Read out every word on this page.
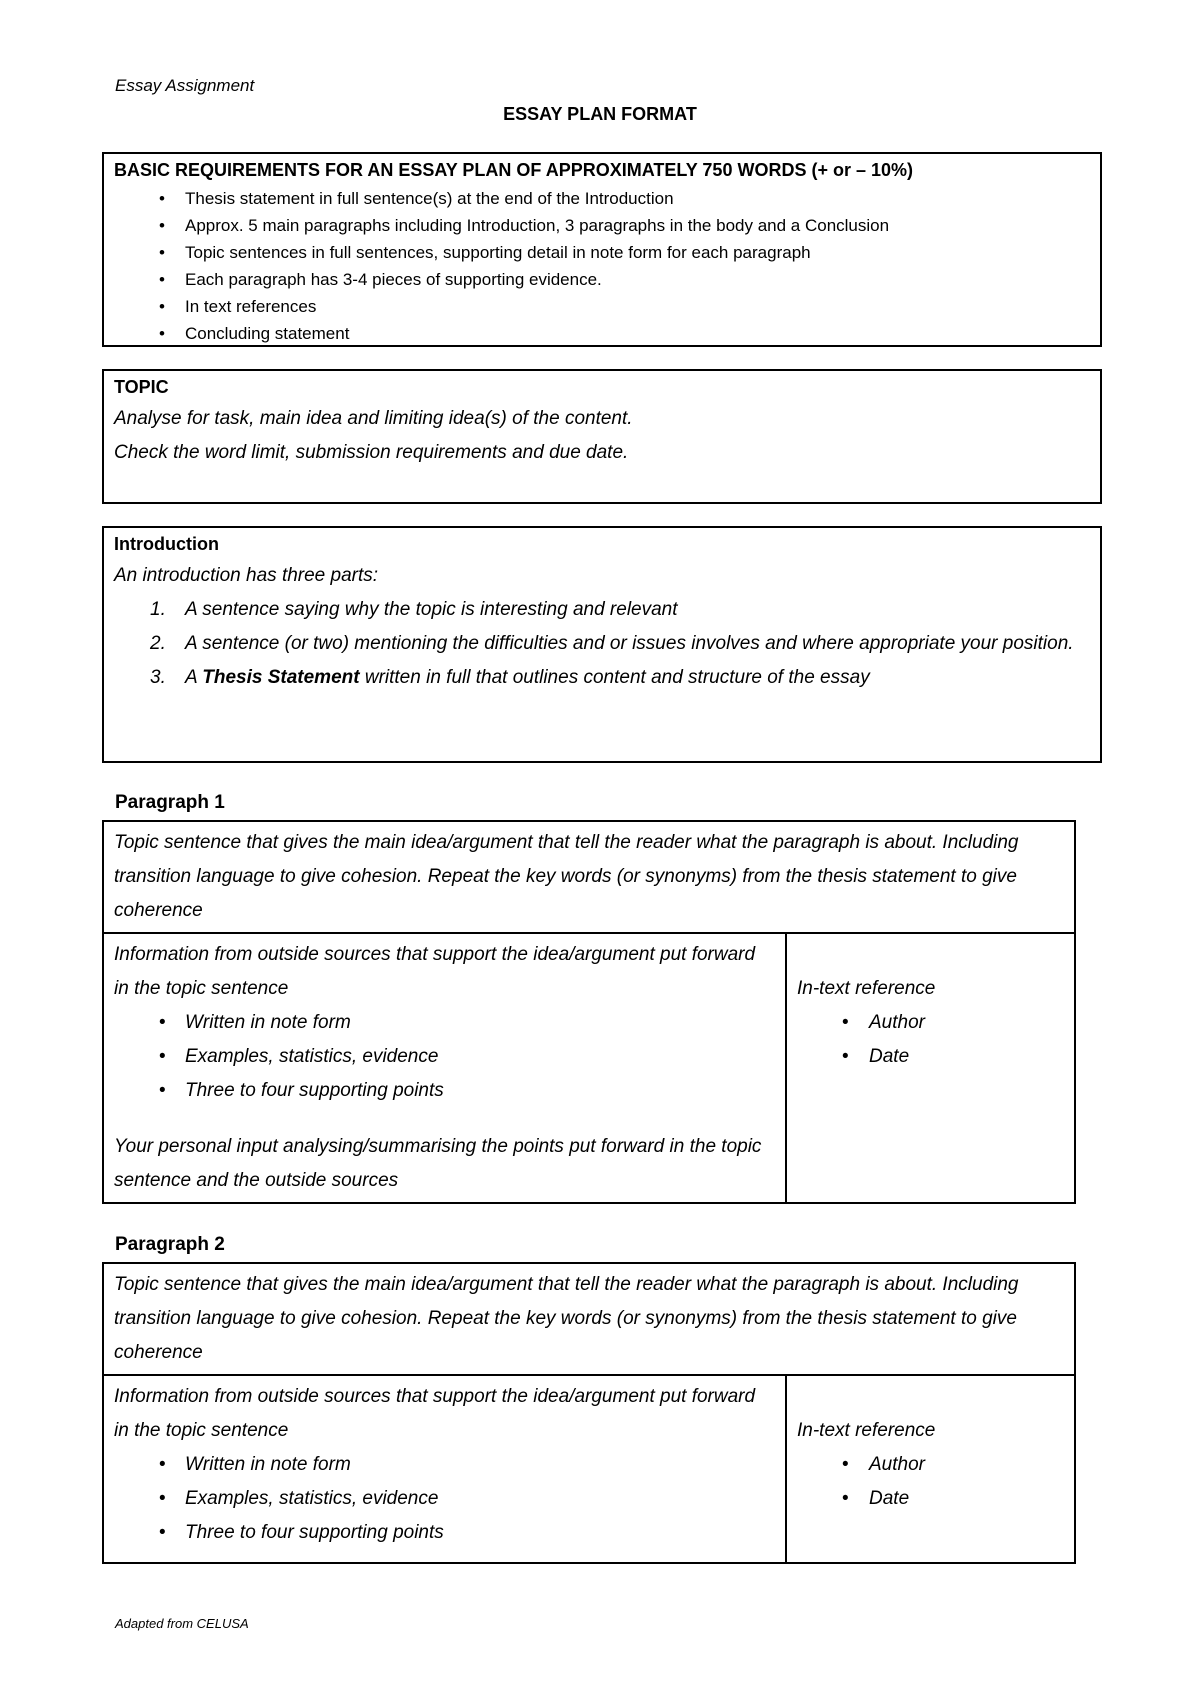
Essay Assignment
ESSAY PLAN FORMAT
BASIC REQUIREMENTS FOR AN ESSAY PLAN OF APPROXIMATELY 750 WORDS (+ or – 10%)
• Thesis statement in full sentence(s) at the end of the Introduction
• Approx. 5 main paragraphs including Introduction, 3 paragraphs in the body and a Conclusion
• Topic sentences in full sentences, supporting detail in note form for each paragraph
• Each paragraph has 3-4 pieces of supporting evidence.
• In text references
• Concluding statement
TOPIC
Analyse for task, main idea and limiting idea(s) of the content.
Check the word limit, submission requirements and due date.
Introduction
An introduction has three parts:
1. A sentence saying why the topic is interesting and relevant
2. A sentence (or two) mentioning the difficulties and or issues involves and where appropriate your position.
3. A Thesis Statement written in full that outlines content and structure of the essay
Paragraph 1
Topic sentence that gives the main idea/argument that tell the reader what the paragraph is about. Including transition language to give cohesion. Repeat the key words (or synonyms) from the thesis statement to give coherence
Information from outside sources that support the idea/argument put forward in the topic sentence
• Written in note form
• Examples, statistics, evidence
• Three to four supporting points
Your personal input analysing/summarising the points put forward in the topic sentence and the outside sources
In-text reference
• Author
• Date
Paragraph 2
Topic sentence that gives the main idea/argument that tell the reader what the paragraph is about. Including transition language to give cohesion. Repeat the key words (or synonyms) from the thesis statement to give coherence
Information from outside sources that support the idea/argument put forward in the topic sentence
• Written in note form
• Examples, statistics, evidence
• Three to four supporting points
In-text reference
• Author
• Date
Adapted from CELUSA
